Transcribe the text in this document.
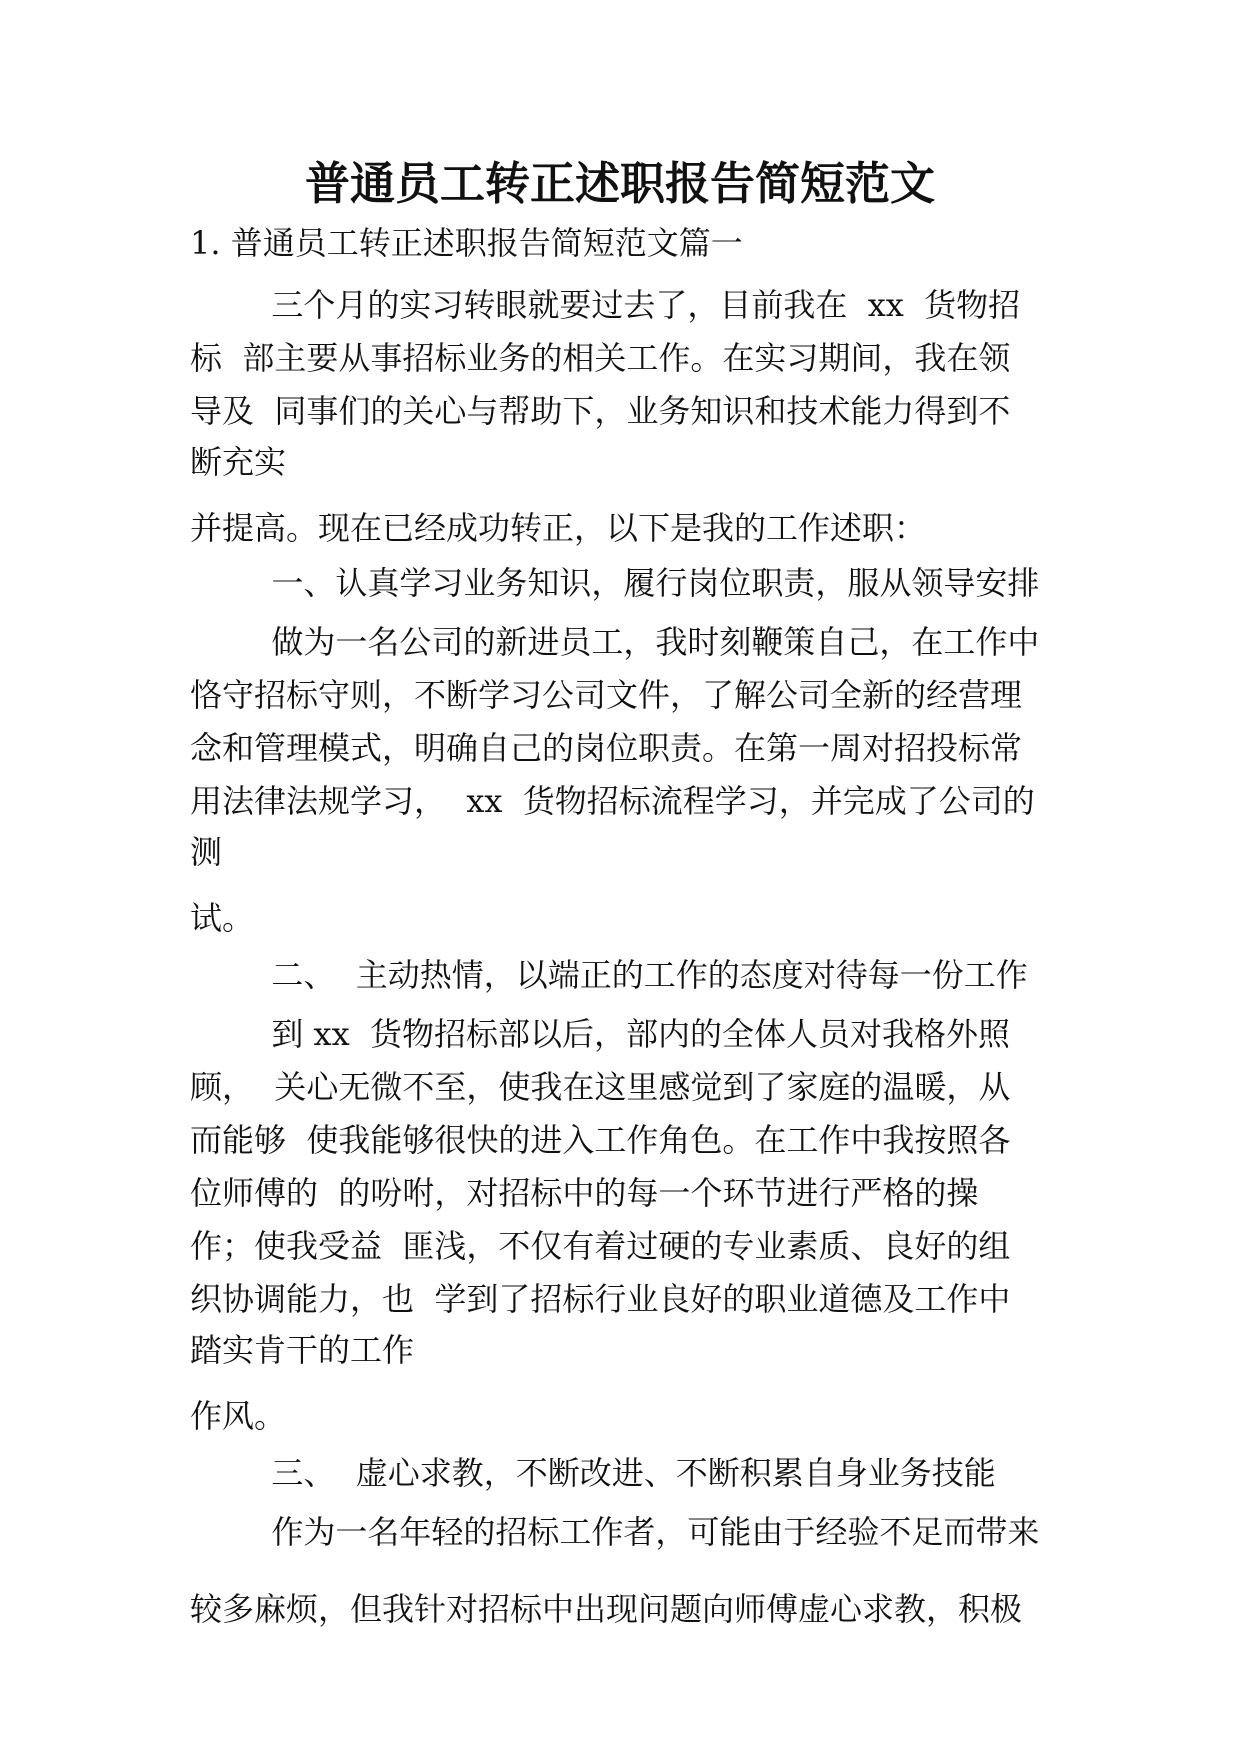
普通员工转正述职报告简短范文
1. 普通员工转正述职报告简短范文篇一
三个月的实习转眼就要过去了，目前我在  xx  货物招
标  部主要从事招标业务的相关工作。在实习期间，我在领
导及  同事们的关心与帮助下，业务知识和技术能力得到不
断充实
并提高。现在已经成功转正，以下是我的工作述职：
一、认真学习业务知识，履行岗位职责，服从领导安排
做为一名公司的新进员工，我时刻鞭策自己，在工作中
恪守招标守则，不断学习公司文件，了解公司全新的经营理
念和管理模式，明确自己的岗位职责。在第一周对招投标常
用法律法规学习，  xx  货物招标流程学习，并完成了公司的
测
试。
二、  主动热情，以端正的工作的态度对待每一份工作
到 xx  货物招标部以后，部内的全体人员对我格外照
顾，  关心无微不至，使我在这里感觉到了家庭的温暖，从
而能够  使我能够很快的进入工作角色。在工作中我按照各
位师傅的  的吩咐，对招标中的每一个环节进行严格的操
作；使我受益  匪浅，不仅有着过硬的专业素质、良好的组
织协调能力，也  学到了招标行业良好的职业道德及工作中
踏实肯干的工作
作风。
三、  虚心求教，不断改进、不断积累自身业务技能
作为一名年轻的招标工作者，可能由于经验不足而带来
较多麻烦，但我针对招标中出现问题向师傅虚心求教，积极
